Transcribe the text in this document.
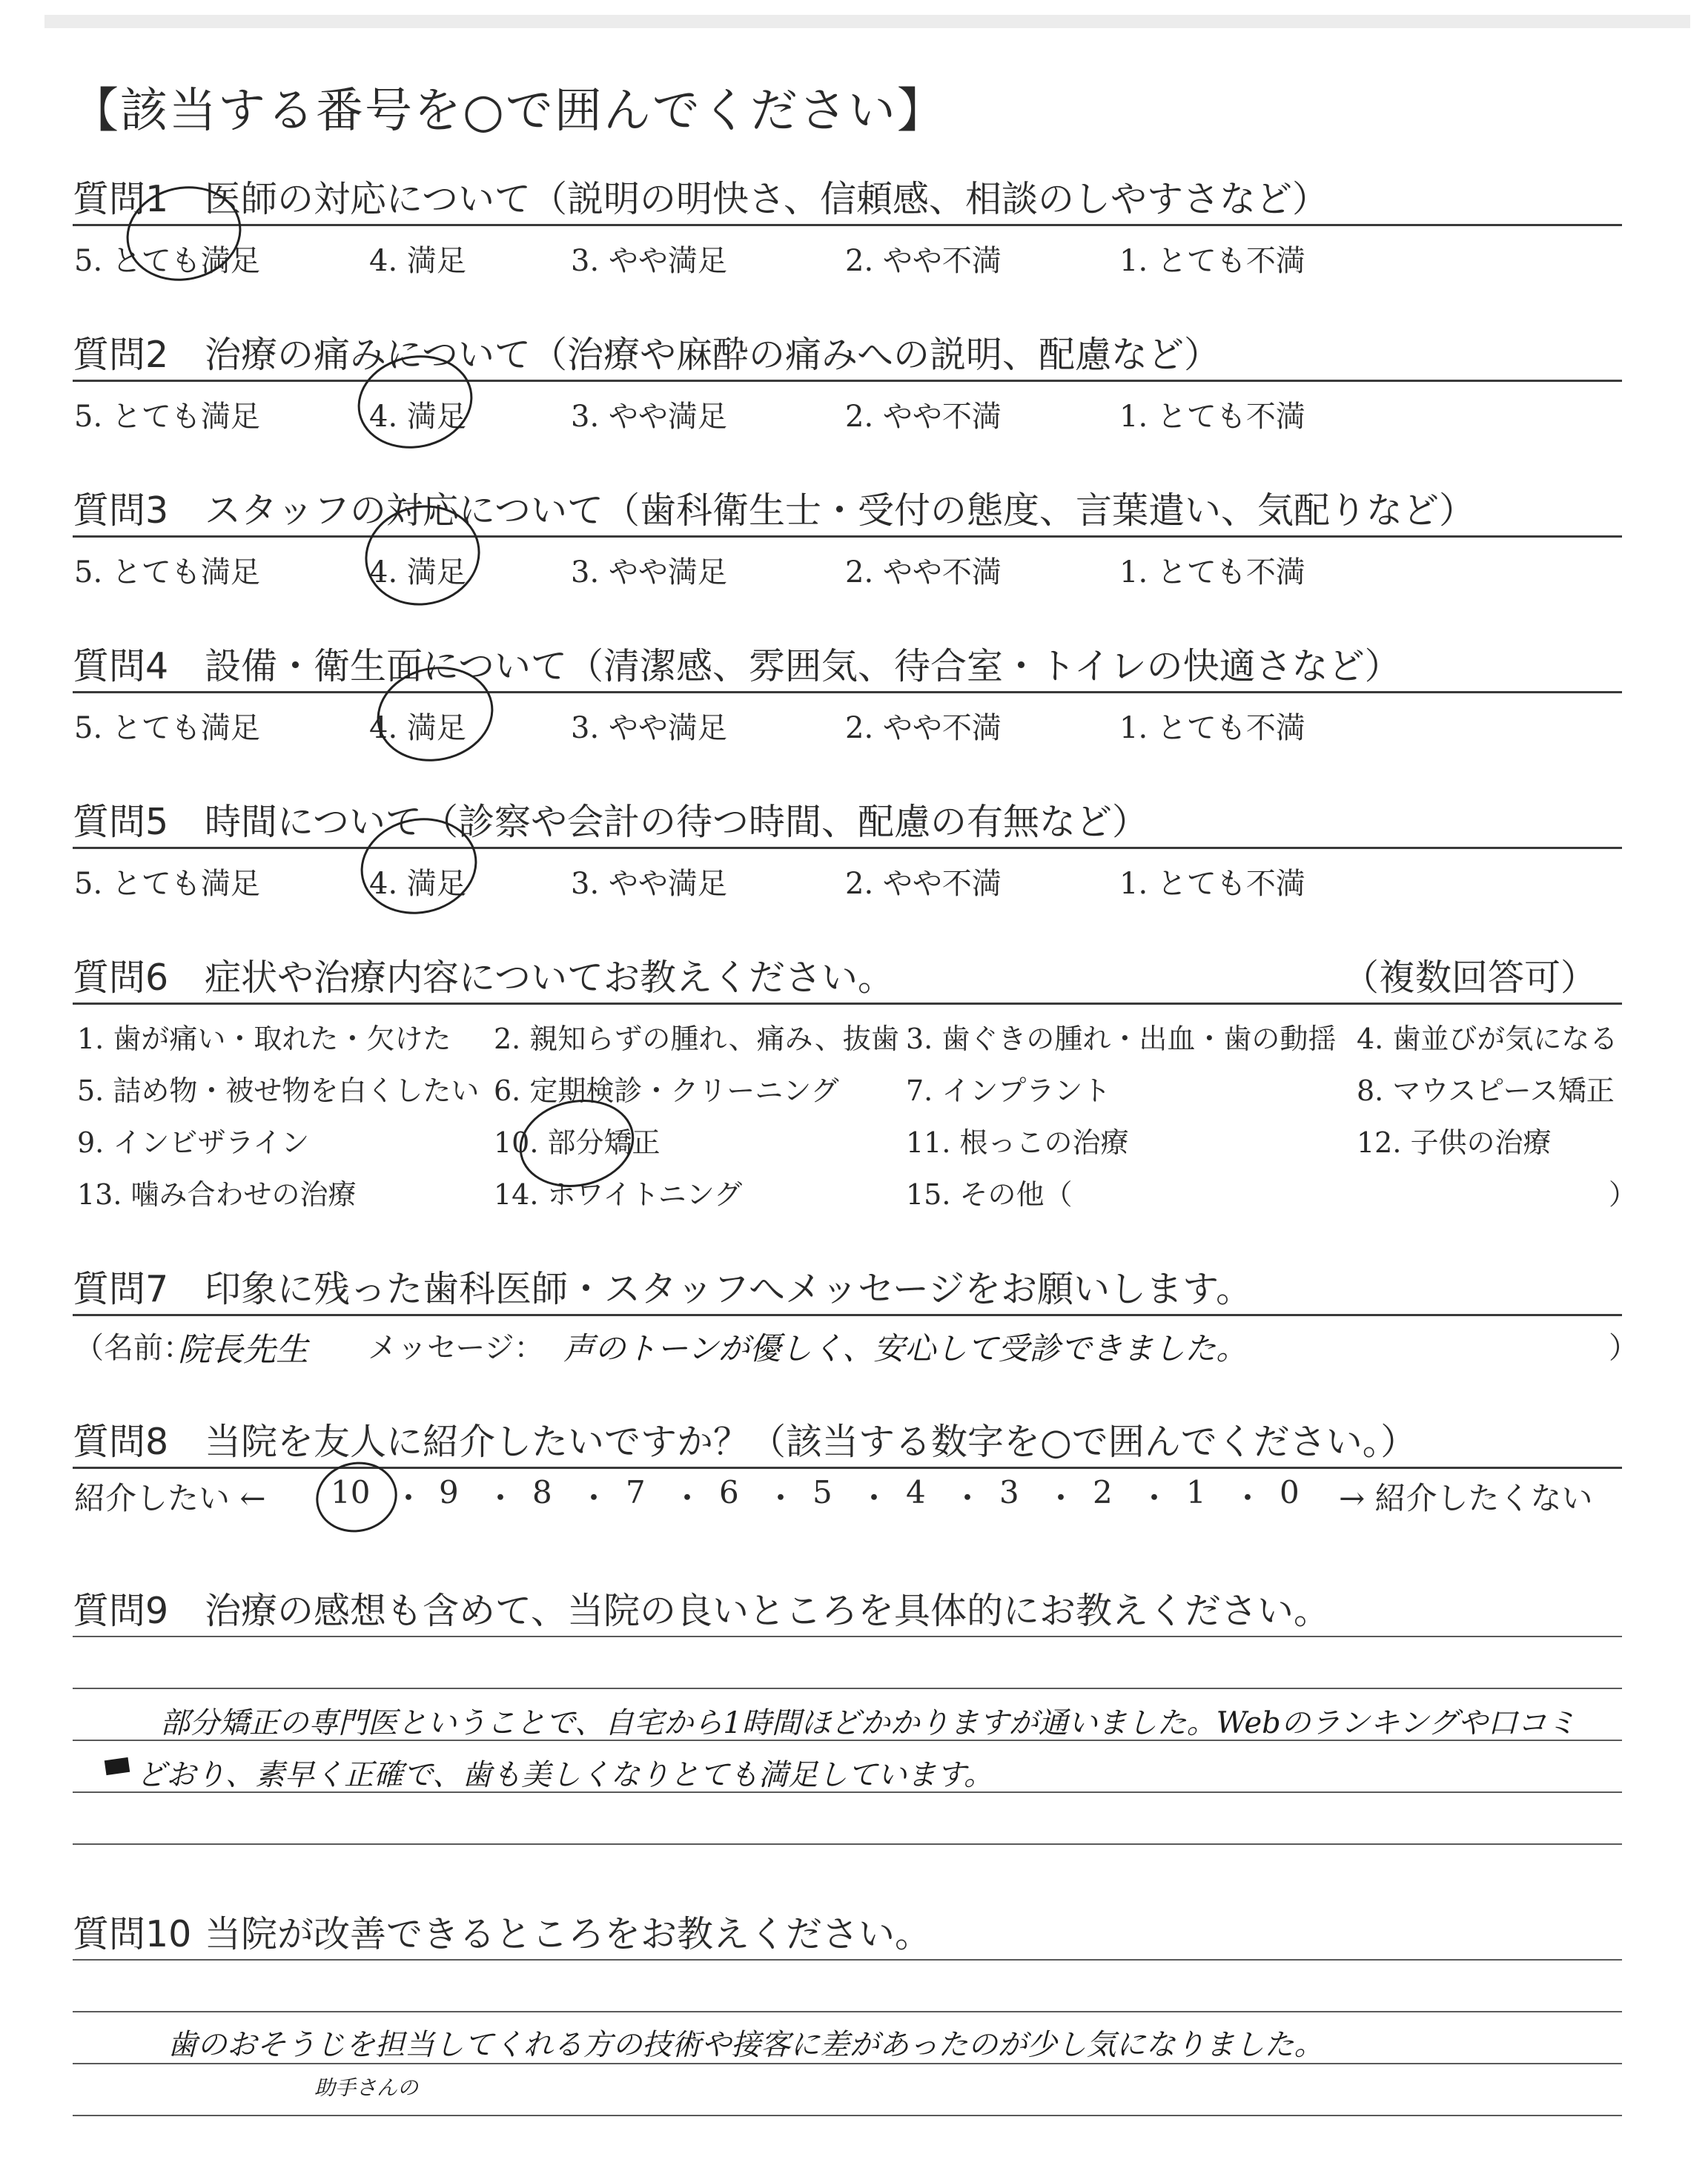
【該当する番号を○で囲んでください】
質問1 医師の対応について（説明の明快さ、信頼感、相談のしやすさなど）
5. とても満足	4. 満足	3. やや満足	2. やや不満	1. とても不満
質問2 治療の痛みについて（治療や麻酔の痛みへの説明、配慮など）
5. とても満足	4. 満足	3. やや満足	2. やや不満	1. とても不満
質問3 スタッフの対応について（歯科衛生士・受付の態度、言葉遣い、気配りなど）
5. とても満足	4. 満足	3. やや満足	2. やや不満	1. とても不満
質問4 設備・衛生面について（清潔感、雰囲気、待合室・トイレの快適さなど）
5. とても満足	4. 満足	3. やや満足	2. やや不満	1. とても不満
質問5 時間について（診察や会計の待つ時間、配慮の有無など）
5. とても満足	4. 満足	3. やや満足	2. やや不満	1. とても不満
質問6 症状や治療内容についてお教えください。	（複数回答可）
1. 歯が痛い・取れた・欠けた 2. 親知らずの腫れ、痛み、抜歯 3. 歯ぐきの腫れ・出血・歯の動揺 4. 歯並びが気になる
5. 詰め物・被せ物を白くしたい 6. 定期検診・クリーニング 7. インプラント	8. マウスピース矯正
9. インビザライン	10. 部分矯正	11. 根っこの治療	12. 子供の治療
13. 噛み合わせの治療	14. ホワイトニング	15. その他（	）
質問7 印象に残った歯科医師・スタッフへメッセージをお願いします。
（名前：
院長先生 メッセージ： 声のトーンが優しく、安心して受診できました。	）
質問8 当院を友人に紹介したいですか？（該当する数字を○で囲んでください。）
紹介したい ← 10 ・ 9 ・ 8 ・ 7 ・ 6 ・ 5 ・ 4 ・ 3 ・ 2 ・ 1 ・ 0 → 紹介したくない
質問9 治療の感想も含めて、当院の良いところを具体的にお教えください。
部分矯正の専門医ということで、自宅から1時間ほどかかりますが通いました。Webのランキングや口コミ
どおり、素早く正確で、歯も美しくなりとても満足しています。
質問10 当院が改善できるところをお教えください。
歯のおそうじを担当してくれる方の技術や接客に差があったのが少し気になりました。
助手さんの
